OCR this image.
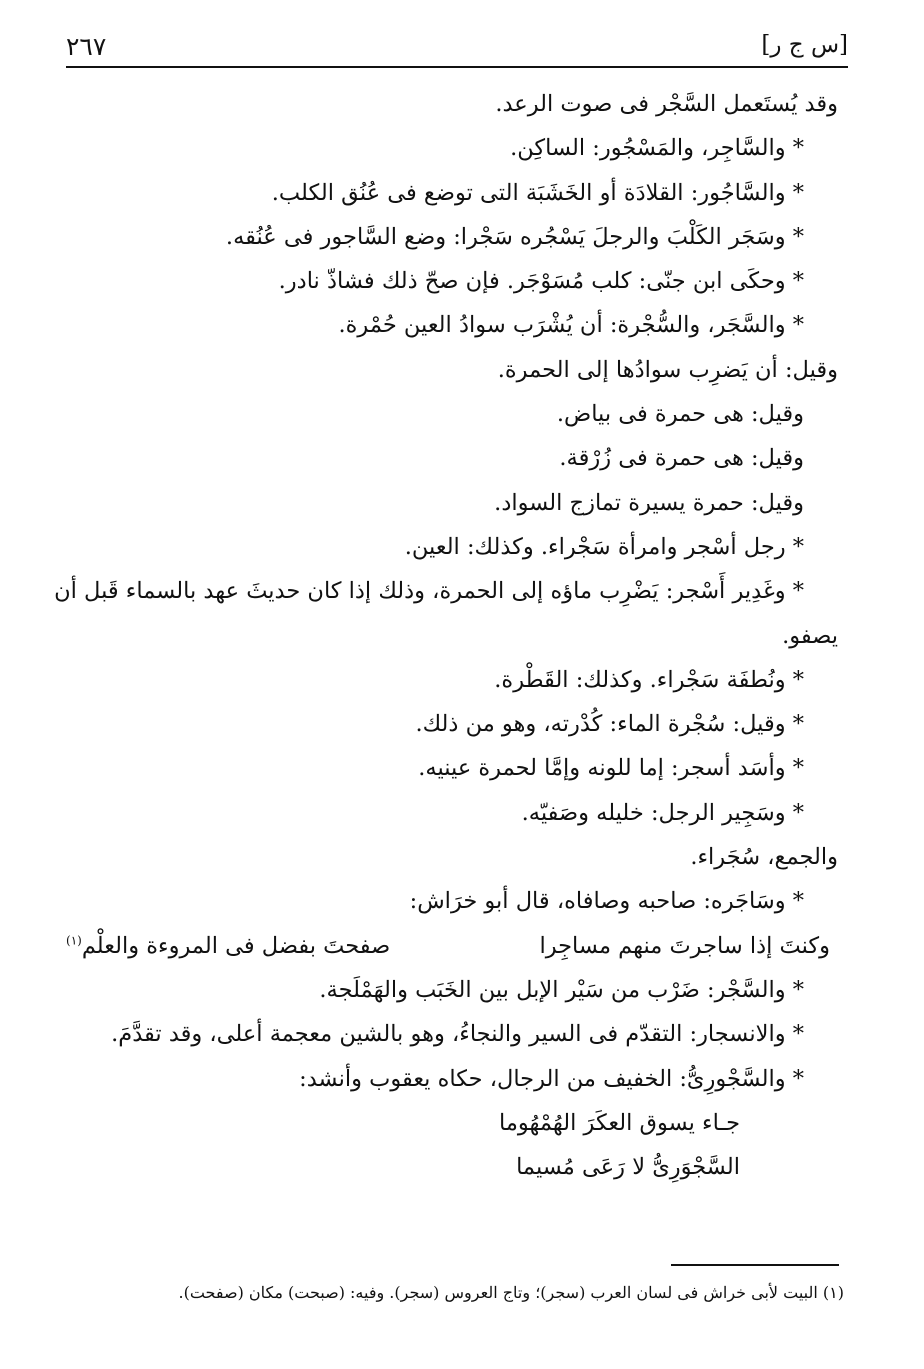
٢٦٧	[س ج ر]
وقد يُستَعمل السَّجْر فى صوت الرعد.
* والسَّاجِر، والمَسْجُور: الساكِن.
* والسَّاجُور: القلادَة أو الخَشَبَة التى توضع فى عُنُق الكلب.
* وسَجَر الكَلْبَ والرجلَ يَسْجُره سَجْرا: وضع السَّاجور فى عُنُقه.
* وحكَى ابن جنّى: كلب مُسَوْجَر. فإن صحّ ذلك فشاذّ نادر.
* والسَّجَر، والسُّجْرة: أن يُشْرَب سوادُ العين حُمْرة.
وقيل: أن يَضرِب سوادُها إلى الحمرة.
وقيل: هى حمرة فى بياض.
وقيل: هى حمرة فى زُرْقة.
وقيل: حمرة يسيرة تمازج السواد.
* رجل أسْجر وامرأة سَجْراء. وكذلك: العين.
* وغَدِير أَسْجر: يَضْرِب ماؤه إلى الحمرة، وذلك إذا كان حديثَ عهد بالسماء قَبل أن
يصفو.
* ونُطفَة سَجْراء. وكذلك: القَطْرة.
* وقيل: سُجْرة الماء: كُدْرته، وهو من ذلك.
* وأسَد أسجر: إما للونه وإمَّا لحمرة عينيه.
* وسَجِير الرجل: خليله وصَفيّه.
والجمع، سُجَراء.
* وسَاجَره: صاحبه وصافاه، قال أبو خرَاش:
وكنتَ إذا ساجرتَ منهم مساجِرا
صفحتَ بفضل فى المروءة والعلْم$^{(١)}$
* والسَّجْر: ضَرْب من سَيْر الإبل بين الخَبَب والهَمْلَجة.
* والانسجار: التقدّم فى السير والنجاءُ، وهو بالشين معجمة أعلى، وقد تقدَّمَ.
* والسَّجْورِىُّ: الخفيف من الرجال، حكاه يعقوب وأنشد:
جـاء يسوق العكَرَ الهُمْهُوما
السَّجْوَرِىُّ لا رَعَى مُسيما
(١) البيت لأبى خراش فى لسان العرب (سجر)؛ وتاج العروس (سجر). وفيه: (صبحت) مكان (صفحت).
